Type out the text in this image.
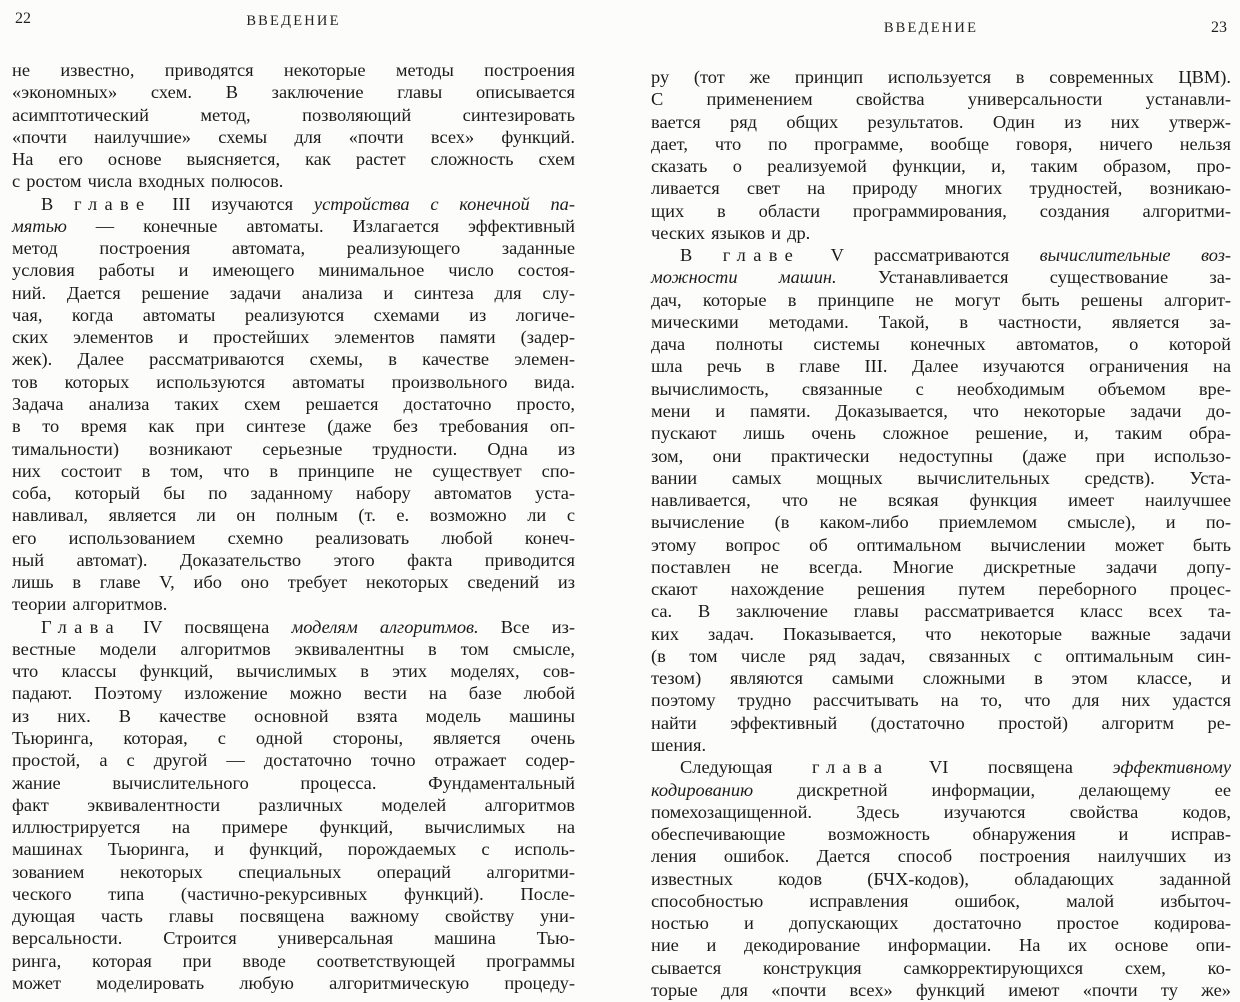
22	ВВЕДЕНИЕ
не известно, приводятся некоторые методы построения
«экономных» схем. В заключение главы описывается
асимптотический метод, позволяющий синтезировать
«почти наилучшие» схемы для «почти всех» функций.
На его основе выясняется, как растет сложность схем
с ростом числа входных полюсов.
В главе III изучаются устройства с конечной па-
мятью — конечные автоматы. Излагается эффективный
метод построения автомата, реализующего заданные
условия работы и имеющего минимальное число состоя-
ний. Дается решение задачи анализа и синтеза для слу-
чая, когда автоматы реализуются схемами из логиче-
ских элементов и простейших элементов памяти (задер-
жек). Далее рассматриваются схемы, в качестве элемен-
тов которых используются автоматы произвольного вида.
Задача анализа таких схем решается достаточно просто,
в то время как при синтезе (даже без требования оп-
тимальности) возникают серьезные трудности. Одна из
них состоит в том, что в принципе не существует спо-
соба, который бы по заданному набору автоматов уста-
навливал, является ли он полным (т. е. возможно ли с
его использованием схемно реализовать любой конеч-
ный автомат). Доказательство этого факта приводится
лишь в главе V, ибо оно требует некоторых сведений из
теории алгоритмов.
Глава IV посвящена моделям алгоритмов. Все из-
вестные модели алгоритмов эквивалентны в том смысле,
что классы функций, вычислимых в этих моделях, сов-
падают. Поэтому изложение можно вести на базе любой
из них. В качестве основной взята модель машины
Тьюринга, которая, с одной стороны, является очень
простой, а с другой — достаточно точно отражает содер-
жание вычислительного процесса. Фундаментальный
факт эквивалентности различных моделей алгоритмов
иллюстрируется на примере функций, вычислимых на
машинах Тьюринга, и функций, порождаемых с исполь-
зованием некоторых специальных операций алгоритми-
ческого типа (частично-рекурсивных функций). После-
дующая часть главы посвящена важному свойству уни-
версальности. Строится универсальная машина Тью-
ринга, которая при вводе соответствующей программы
может моделировать любую алгоритмическую процеду-
ВВЕДЕНИЕ	23
ру (тот же принцип используется в современных ЦВМ).
С применением свойства универсальности устанавли-
вается ряд общих результатов. Один из них утверж-
дает, что по программе, вообще говоря, ничего нельзя
сказать о реализуемой функции, и, таким образом, про-
ливается свет на природу многих трудностей, возникаю-
щих в области программирования, создания алгоритми-
ческих языков и др.
В главе V рассматриваются вычислительные воз-
можности машин. Устанавливается существование за-
дач, которые в принципе не могут быть решены алгорит-
мическими методами. Такой, в частности, является за-
дача полноты системы конечных автоматов, о которой
шла речь в главе III. Далее изучаются ограничения на
вычислимость, связанные с необходимым объемом вре-
мени и памяти. Доказывается, что некоторые задачи до-
пускают лишь очень сложное решение, и, таким обра-
зом, они практически недоступны (даже при использо-
вании самых мощных вычислительных средств). Уста-
навливается, что не всякая функция имеет наилучшее
вычисление (в каком-либо приемлемом смысле), и по-
этому вопрос об оптимальном вычислении может быть
поставлен не всегда. Многие дискретные задачи допу-
скают нахождение решения путем переборного процес-
са. В заключение главы рассматривается класс всех та-
ких задач. Показывается, что некоторые важные задачи
(в том числе ряд задач, связанных с оптимальным син-
тезом) являются самыми сложными в этом классе, и
поэтому трудно рассчитывать на то, что для них удастся
найти эффективный (достаточно простой) алгоритм ре-
шения.
Следующая глава VI посвящена эффективному
кодированию дискретной информации, делающему ее
помехозащищенной. Здесь изучаются свойства кодов,
обеспечивающие возможность обнаружения и исправ-
ления ошибок. Дается способ построения наилучших из
известных кодов (БЧХ-кодов), обладающих заданной
способностью исправления ошибок, малой избыточ-
ностью и допускающих достаточно простое кодирова-
ние и декодирование информации. На их основе опи-
сывается конструкция самкорректирующихся схем, ко-
торые для «почти всех» функций имеют «почти ту же»
